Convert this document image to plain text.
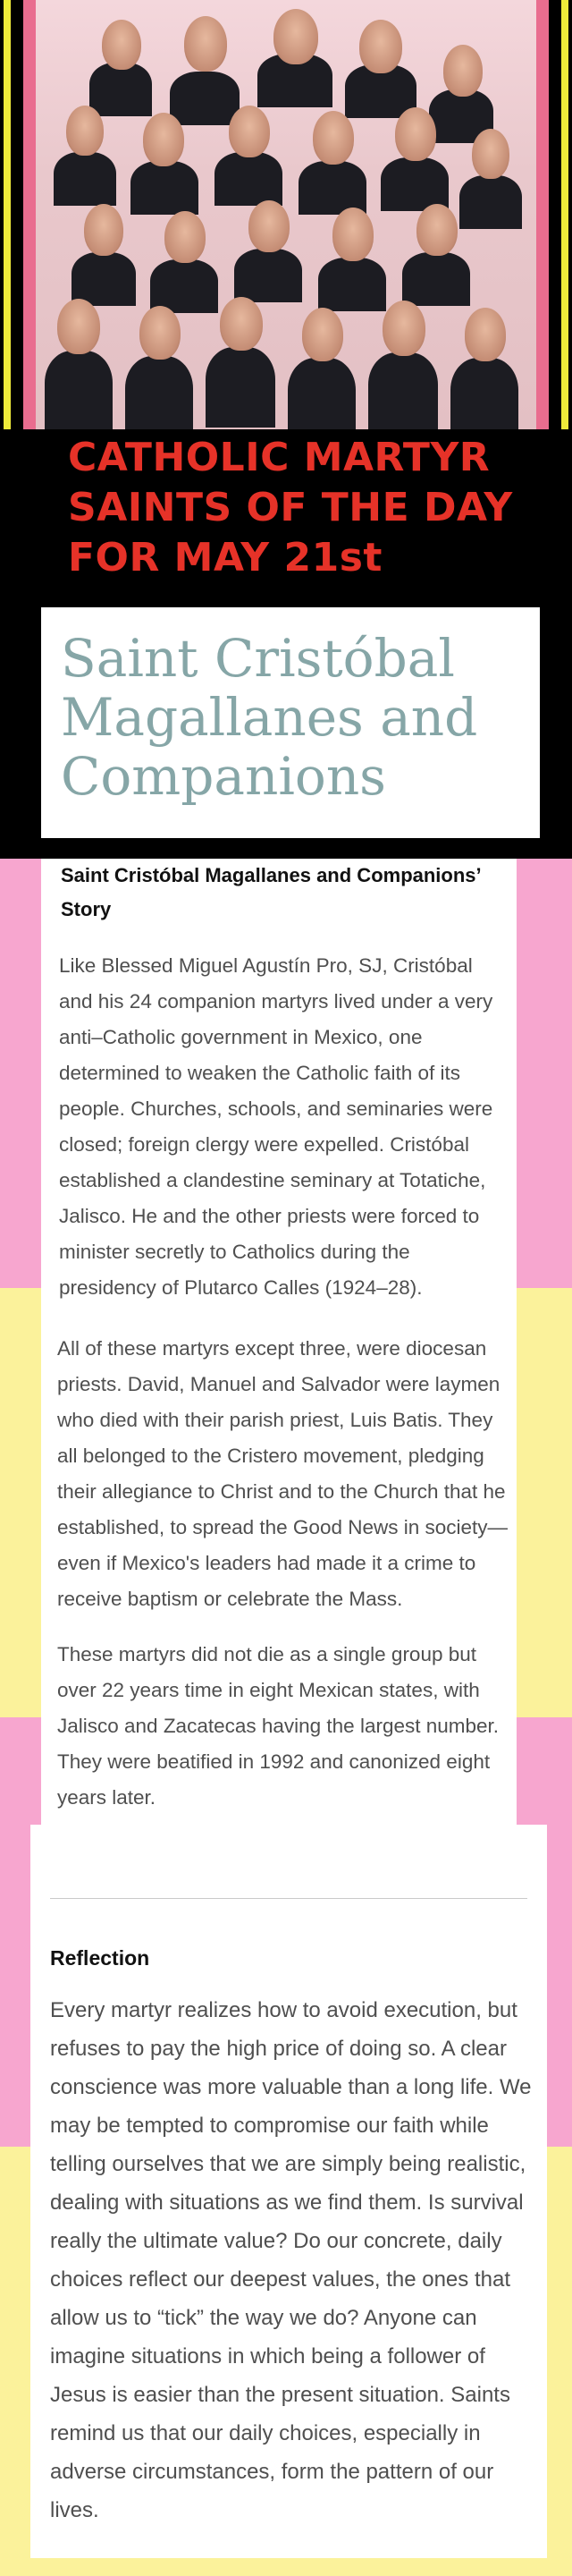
CATHOLIC MARTYR SAINTS OF THE DAY FOR MAY 21st

Saint Cristóbal Magallanes and Companions
Saint Cristóbal Magallanes and Companions’ Story

Like Blessed Miguel Agustín Pro, SJ, Cristóbal and his 24 companion martyrs lived under a very anti–Catholic government in Mexico, one determined to weaken the Catholic faith of its people. Churches, schools, and seminaries were closed; foreign clergy were expelled. Cristóbal established a clandestine seminary at Totatiche, Jalisco. He and the other priests were forced to minister secretly to Catholics during the presidency of Plutarco Calles (1924–28).

All of these martyrs except three, were diocesan priests. David, Manuel and Salvador were laymen who died with their parish priest, Luis Batis. They all belonged to the Cristero movement, pledging their allegiance to Christ and to the Church that he established, to spread the Good News in society—even if Mexico's leaders had made it a crime to receive baptism or celebrate the Mass.

These martyrs did not die as a single group but over 22 years time in eight Mexican states, with Jalisco and Zacatecas having the largest number. They were beatified in 1992 and canonized eight years later.

Reflection

Every martyr realizes how to avoid execution, but refuses to pay the high price of doing so. A clear conscience was more valuable than a long life. We may be tempted to compromise our faith while telling ourselves that we are simply being realistic, dealing with situations as we find them. Is survival really the ultimate value? Do our concrete, daily choices reflect our deepest values, the ones that allow us to “tick” the way we do? Anyone can imagine situations in which being a follower of Jesus is easier than the present situation. Saints remind us that our daily choices, especially in adverse circumstances, form the pattern of our lives.
